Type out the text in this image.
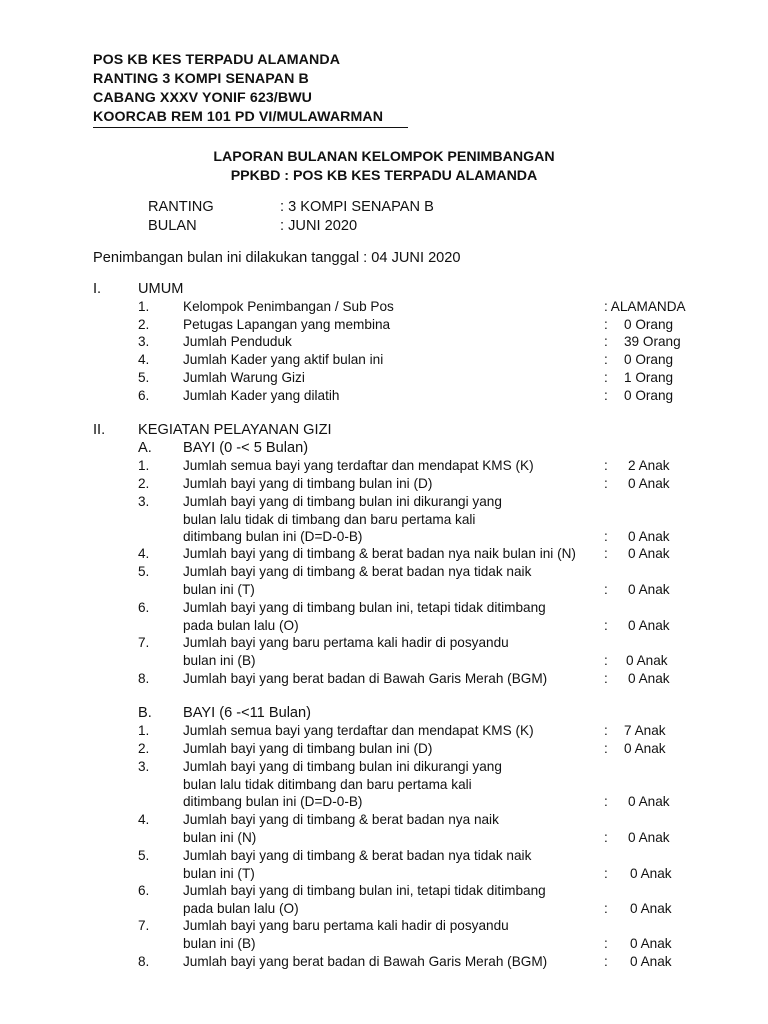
POS KB KES TERPADU ALAMANDA
RANTING 3 KOMPI SENAPAN B
CABANG XXXV YONIF 623/BWU
KOORCAB REM 101 PD VI/MULAWARMAN
LAPORAN BULANAN KELOMPOK PENIMBANGAN
PPKBD : POS KB KES TERPADU ALAMANDA
RANTING	: 3 KOMPI SENAPAN B
BULAN	: JUNI 2020
Penimbangan bulan ini dilakukan tanggal : 04 JUNI 2020
I.	UMUM
1. Kelompok Penimbangan / Sub Pos	: ALAMANDA
2. Petugas Lapangan yang membina	: 0 Orang
3. Jumlah Penduduk	: 39 Orang
4. Jumlah Kader yang aktif bulan ini	: 0 Orang
5. Jumlah Warung Gizi	: 1 Orang
6. Jumlah Kader yang dilatih	: 0 Orang
II. KEGIATAN PELAYANAN GIZI
A. BAYI (0 -< 5 Bulan)
1. Jumlah semua bayi yang terdaftar dan mendapat KMS (K)	: 2 Anak
2. Jumlah bayi yang di timbang bulan ini (D)	: 0 Anak
3. Jumlah bayi yang di timbang bulan ini dikurangi yang
bulan lalu tidak di timbang dan baru pertama kali
ditimbang bulan ini (D=D-0-B)	: 0 Anak
4. Jumlah bayi yang di timbang & berat badan nya naik bulan ini (N) : 0 Anak
5. Jumlah bayi yang di timbang & berat badan nya tidak naik
bulan ini (T)	: 0 Anak
6. Jumlah bayi yang di timbang bulan ini, tetapi tidak ditimbang
pada bulan lalu (O)	: 0 Anak
7. Jumlah bayi yang baru pertama kali hadir di posyandu
bulan ini (B)	: 0 Anak
8. Jumlah bayi yang berat badan di Bawah Garis Merah (BGM)	: 0 Anak
B. BAYI (6 -<11 Bulan)
1. Jumlah semua bayi yang terdaftar dan mendapat KMS (K)	: 7 Anak
2. Jumlah bayi yang di timbang bulan ini (D)	: 0 Anak
3. Jumlah bayi yang di timbang bulan ini dikurangi yang
bulan lalu tidak ditimbang dan baru pertama kali
ditimbang bulan ini (D=D-0-B)	: 0 Anak
4. Jumlah bayi yang di timbang & berat badan nya naik
bulan ini (N)	: 0 Anak
5. Jumlah bayi yang di timbang & berat badan nya tidak naik
bulan ini (T)	: 0 Anak
6. Jumlah bayi yang di timbang bulan ini, tetapi tidak ditimbang
pada bulan lalu (O)	: 0 Anak
7. Jumlah bayi yang baru pertama kali hadir di posyandu
bulan ini (B)	: 0 Anak
8. Jumlah bayi yang berat badan di Bawah Garis Merah (BGM)	: 0 Anak
